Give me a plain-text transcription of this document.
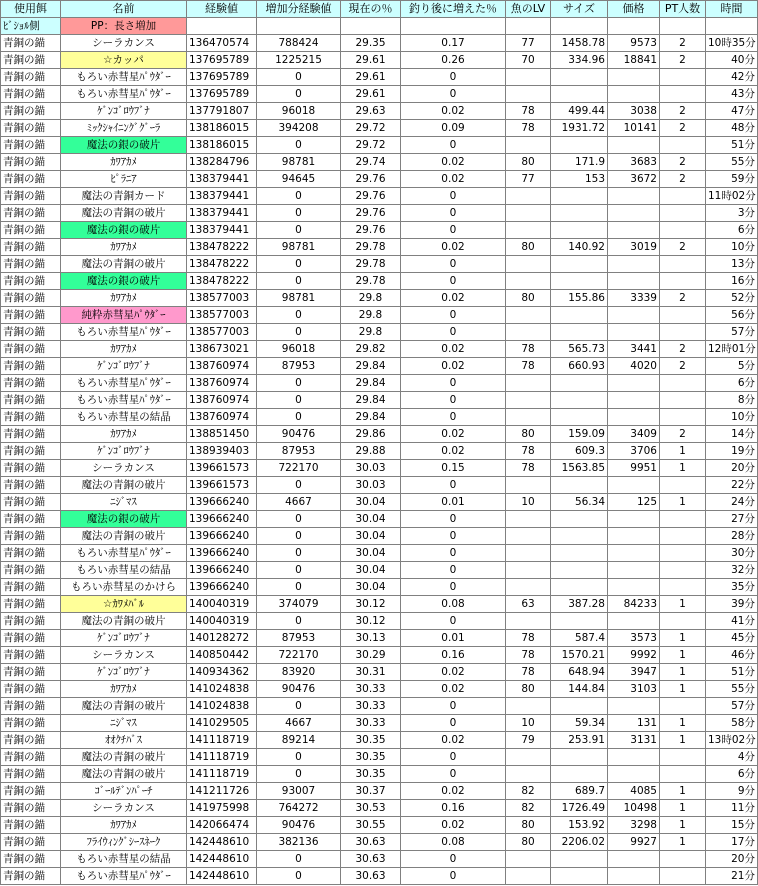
使用餌	名前	経験値	増加分経験値	現在の％	釣り後に増えた％	魚のLV	サイズ	価格	PT人数	時間
ﾋﾞｼｮﾙ側	PP：長さ増加									
青銅の錨	シーラカンス	136470574	788424	29.35	0.17	77	1458.78	9573	2	10時35分
青銅の錨	☆カッパ	137695789	1225215	29.61	0.26	70	334.96	18841	2	40分
青銅の錨	もろい赤彗星ﾊﾟｳﾀﾞｰ	137695789	0	29.61	0					42分
青銅の錨	もろい赤彗星ﾊﾟｳﾀﾞｰ	137695789	0	29.61	0					43分
青銅の錨	ｹﾞﾝｺﾞﾛｳﾌﾞﾅ	137791807	96018	29.63	0.02	78	499.44	3038	2	47分
青銅の錨	ﾐｯｸｼｬｲﾆﾝｸﾞｸﾞｰﾗ	138186015	394208	29.72	0.09	78	1931.72	10141	2	48分
青銅の錨	魔法の銀の破片	138186015	0	29.72	0					51分
青銅の錨	ｶﾜｱｶﾒ	138284796	98781	29.74	0.02	80	171.9	3683	2	55分
青銅の錨	ﾋﾟﾗﾆｱ	138379441	94645	29.76	0.02	77	153	3672	2	59分
青銅の錨	魔法の青銅カード	138379441	0	29.76	0					11時02分
青銅の錨	魔法の青銅の破片	138379441	0	29.76	0					3分
青銅の錨	魔法の銀の破片	138379441	0	29.76	0					6分
青銅の錨	ｶﾜｱｶﾒ	138478222	98781	29.78	0.02	80	140.92	3019	2	10分
青銅の錨	魔法の青銅の破片	138478222	0	29.78	0					13分
青銅の錨	魔法の銀の破片	138478222	0	29.78	0					16分
青銅の錨	ｶﾜｱｶﾒ	138577003	98781	29.8	0.02	80	155.86	3339	2	52分
青銅の錨	純粋赤彗星ﾊﾟｳﾀﾞｰ	138577003	0	29.8	0					56分
青銅の錨	もろい赤彗星ﾊﾟｳﾀﾞｰ	138577003	0	29.8	0					57分
青銅の錨	ｶﾜｱｶﾒ	138673021	96018	29.82	0.02	78	565.73	3441	2	12時01分
青銅の錨	ｹﾞﾝｺﾞﾛｳﾌﾞﾅ	138760974	87953	29.84	0.02	78	660.93	4020	2	5分
青銅の錨	もろい赤彗星ﾊﾟｳﾀﾞｰ	138760974	0	29.84	0					6分
青銅の錨	もろい赤彗星ﾊﾟｳﾀﾞｰ	138760974	0	29.84	0					8分
青銅の錨	もろい赤彗星の結晶	138760974	0	29.84	0					10分
青銅の錨	ｶﾜｱｶﾒ	138851450	90476	29.86	0.02	80	159.09	3409	2	14分
青銅の錨	ｹﾞﾝｺﾞﾛｳﾌﾞﾅ	138939403	87953	29.88	0.02	78	609.3	3706	1	19分
青銅の錨	シーラカンス	139661573	722170	30.03	0.15	78	1563.85	9951	1	20分
青銅の錨	魔法の青銅の破片	139661573	0	30.03	0					22分
青銅の錨	ﾆｼﾞﾏｽ	139666240	4667	30.04	0.01	10	56.34	125	1	24分
青銅の錨	魔法の銀の破片	139666240	0	30.04	0					27分
青銅の錨	魔法の青銅の破片	139666240	0	30.04	0					28分
青銅の錨	もろい赤彗星ﾊﾟｳﾀﾞｰ	139666240	0	30.04	0					30分
青銅の錨	もろい赤彗星の結晶	139666240	0	30.04	0					32分
青銅の錨	もろい赤彗星のかけら	139666240	0	30.04	0					35分
青銅の錨	☆ｶﾜﾒﾊﾞﾙ	140040319	374079	30.12	0.08	63	387.28	84233	1	39分
青銅の錨	魔法の青銅の破片	140040319	0	30.12	0					41分
青銅の錨	ｹﾞﾝｺﾞﾛｳﾌﾞﾅ	140128272	87953	30.13	0.01	78	587.4	3573	1	45分
青銅の錨	シーラカンス	140850442	722170	30.29	0.16	78	1570.21	9992	1	46分
青銅の錨	ｹﾞﾝｺﾞﾛｳﾌﾞﾅ	140934362	83920	30.31	0.02	78	648.94	3947	1	51分
青銅の錨	ｶﾜｱｶﾒ	141024838	90476	30.33	0.02	80	144.84	3103	1	55分
青銅の錨	魔法の青銅の破片	141024838	0	30.33	0					57分
青銅の錨	ﾆｼﾞﾏｽ	141029505	4667	30.33	0	10	59.34	131	1	58分
青銅の錨	ｵｵｸﾁﾊﾞｽ	141118719	89214	30.35	0.02	79	253.91	3131	1	13時02分
青銅の錨	魔法の青銅の破片	141118719	0	30.35	0					4分
青銅の錨	魔法の青銅の破片	141118719	0	30.35	0					6分
青銅の錨	ｺﾞｰﾙﾃﾞﾝﾊﾟｰﾁ	141211726	93007	30.37	0.02	82	689.7	4085	1	9分
青銅の錨	シーラカンス	141975998	764272	30.53	0.16	82	1726.49	10498	1	11分
青銅の錨	ｶﾜｱｶﾒ	142066474	90476	30.55	0.02	80	153.92	3298	1	15分
青銅の錨	ﾌﾗｲｳｨﾝｸﾞｼｰｽﾈｰｸ	142448610	382136	30.63	0.08	80	2206.02	9927	1	17分
青銅の錨	もろい赤彗星の結晶	142448610	0	30.63	0					20分
青銅の錨	もろい赤彗星ﾊﾟｳﾀﾞｰ	142448610	0	30.63	0					21分
